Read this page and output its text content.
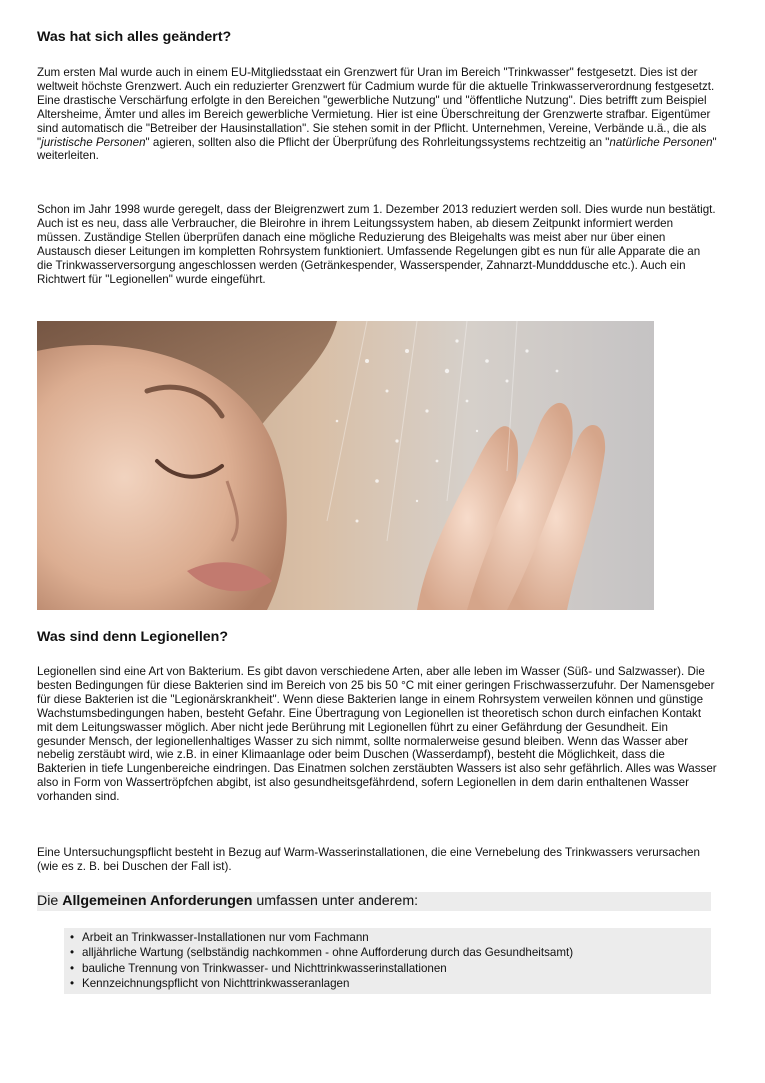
Was hat sich alles geändert?

Zum ersten Mal wurde auch in einem EU-Mitgliedsstaat ein Grenzwert für Uran im Bereich "Trinkwasser" festgesetzt. Dies ist der weltweit höchste Grenzwert. Auch ein reduzierter Grenzwert für Cadmium wurde für die aktuelle Trinkwasserverordnung festgesetzt. Eine drastische Verschärfung erfolgte in den Bereichen "gewerbliche Nutzung" und "öffentliche Nutzung". Dies betrifft zum Beispiel Altersheime, Ämter und alles im Bereich gewerbliche Vermietung. Hier ist eine Überschreitung der Grenzwerte strafbar. Eigentümer sind automatisch die "Betreiber der Hausinstallation". Sie stehen somit in der Pflicht. Unternehmen, Vereine, Verbände u.ä., die als "juristische Personen" agieren, sollten also die Pflicht der Überprüfung des Rohrleitungssystems rechtzeitig an "natürliche Personen" weiterleiten.

Schon im Jahr 1998 wurde geregelt, dass der Bleigrenzwert zum 1. Dezember 2013 reduziert werden soll. Dies wurde nun bestätigt. Auch ist es neu, dass alle Verbraucher, die Bleirohre in ihrem Leitungssystem haben, ab diesem Zeitpunkt informiert werden müssen. Zuständige Stellen überprüfen danach eine mögliche Reduzierung des Bleigehalts was meist aber nur über einen Austausch dieser Leitungen im kompletten Rohrsystem funktioniert. Umfassende Regelungen gibt es nun für alle Apparate die an die Trinkwasserversorgung angeschlossen werden (Getränkespender, Wasserspender, Zahnarzt-Mundddusche etc.). Auch ein Richtwert für "Legionellen" wurde eingeführt.

Was sind denn Legionellen?

Legionellen sind eine Art von Bakterium. Es gibt davon verschiedene Arten, aber alle leben im Wasser (Süß- und Salzwasser). Die besten Bedingungen für diese Bakterien sind im Bereich von 25 bis 50 °C mit einer geringen Frischwasserzufuhr. Der Namensgeber für diese Bakterien ist die "Legionärskrankheit". Wenn diese Bakterien lange in einem Rohrsystem verweilen können und günstige Wachstumsbedingungen haben, besteht Gefahr. Eine Übertragung von Legionellen ist theoretisch schon durch einfachen Kontakt mit dem Leitungswasser möglich. Aber nicht jede Berührung mit Legionellen führt zu einer Gefährdung der Gesundheit. Ein gesunder Mensch, der legionellenhaltiges Wasser zu sich nimmt, sollte normalerweise gesund bleiben. Wenn das Wasser aber nebelig zerstäubt wird, wie z.B. in einer Klimaanlage oder beim Duschen (Wasserdampf), besteht die Möglichkeit, dass die Bakterien in tiefe Lungenbereiche eindringen. Das Einatmen solchen zerstäubten Wassers ist also sehr gefährlich. Alles was Wasser also in Form von Wassertröpfchen abgibt, ist also gesundheitsgefährdend, sofern Legionellen in dem darin enthaltenen Wasser vorhanden sind.

Eine Untersuchungspflicht besteht in Bezug auf Warm-Wasserinstallationen, die eine Vernebelung des Trinkwassers verursachen (wie es z. B. bei Duschen der Fall ist).

Die Allgemeinen Anforderungen umfassen unter anderem:
• Arbeit an Trinkwasser-Installationen nur vom Fachmann
• alljährliche Wartung (selbständig nachkommen - ohne Aufforderung durch das Gesundheitsamt)
• bauliche Trennung von Trinkwasser- und Nichttrinkwasserinstallationen
• Kennzeichnungspflicht von Nichttrinkwasseranlagen
